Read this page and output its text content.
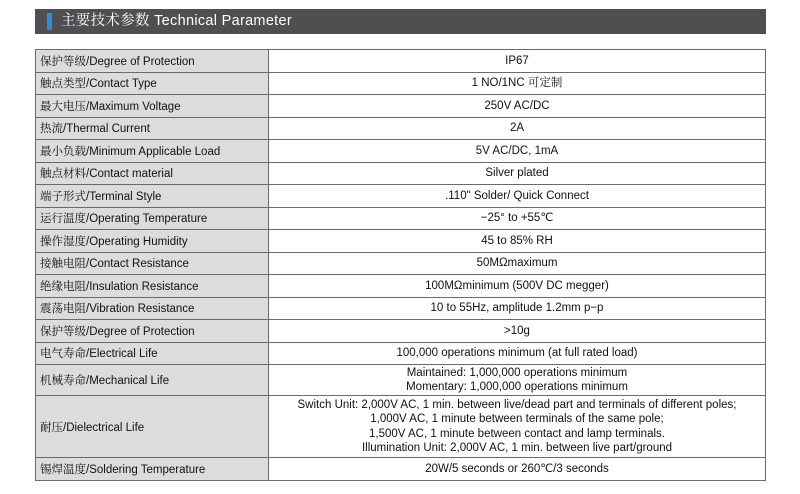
主要技术参数 Technical Parameter
保护等级/Degree of Protection	IP67

触点类型/Contact Type	1 NO/1NC 可定制

最大电压/Maximum Voltage	250V AC/DC

热流/Thermal Current	2A

最小负载/Minimum Applicable Load	5V AC/DC, 1mA

触点材料/Contact material	Silver plated

端子形式/Terminal Style	.110" Solder/ Quick Connect

运行温度/Operating Temperature	−25° to +55℃

操作湿度/Operating Humidity	45 to 85% RH

接触电阻/Contact Resistance	50MΩmaximum

绝缘电阻/Insulation Resistance	100MΩminimum (500V DC megger)

震荡电阻/Vibration Resistance	10 to 55Hz, amplitude 1.2mm p−p

保护等级/Degree of Protection	>10g

电气寿命/Electrical Life	100,000 operations minimum (at full rated load)

机械寿命/Mechanical Life	Maintained: 1,000,000 operations minimum
Momentary: 1,000,000 operations minimum

耐压/Dielectrical Life	Switch Unit: 2,000V AC, 1 min. between live/dead part and terminals of different poles;
1,000V AC, 1 minute between terminals of the same pole;
1,500V AC, 1 minute between contact and lamp terminals.
Illumination Unit: 2,000V AC, 1 min. between live part/ground

锡焊温度/Soldering Temperature	20W/5 seconds or 260℃/3 seconds
